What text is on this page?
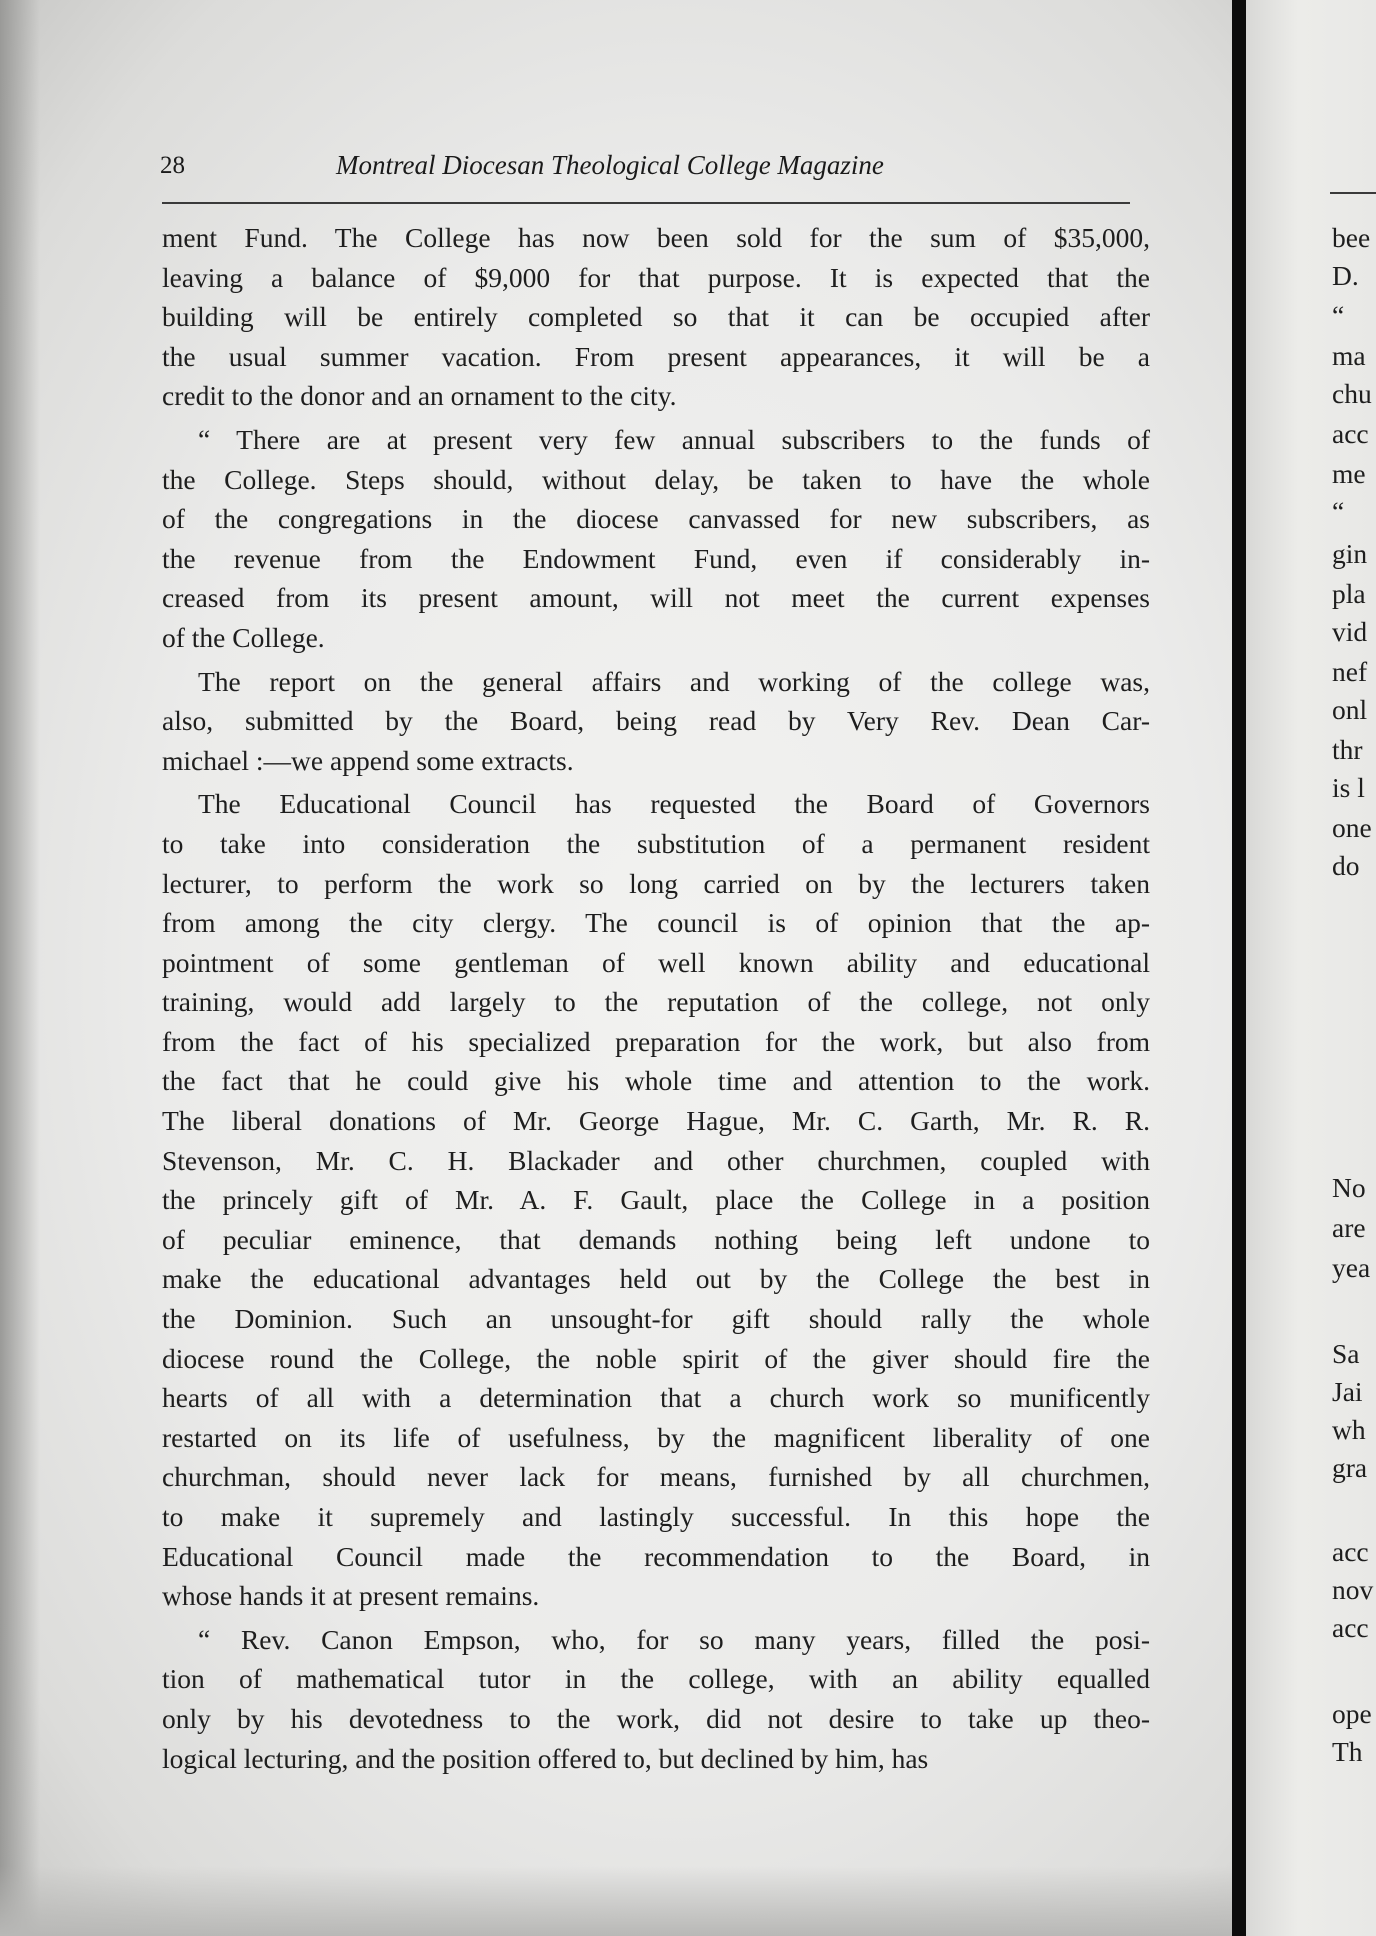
28	Montreal Diocesan Theological College Magazine
ment Fund. The College has now been sold for the sum of $35,000,
leaving a balance of $9,000 for that purpose. It is expected that the
building will be entirely completed so that it can be occupied after
the usual summer vacation. From present appearances, it will be a
credit to the donor and an ornament to the city.
“ There are at present very few annual subscribers to the funds of
the College. Steps should, without delay, be taken to have the whole
of the congregations in the diocese canvassed for new subscribers, as
the revenue from the Endowment Fund, even if considerably in-
creased from its present amount, will not meet the current expenses
of the College.
The report on the general affairs and working of the college was,
also, submitted by the Board, being read by Very Rev. Dean Car-
michael :—we append some extracts.
The Educational Council has requested the Board of Governors
to take into consideration the substitution of a permanent resident
lecturer, to perform the work so long carried on by the lecturers taken
from among the city clergy. The council is of opinion that the ap-
pointment of some gentleman of well known ability and educational
training, would add largely to the reputation of the college, not only
from the fact of his specialized preparation for the work, but also from
the fact that he could give his whole time and attention to the work.
The liberal donations of Mr. George Hague, Mr. C. Garth, Mr. R. R.
Stevenson, Mr. C. H. Blackader and other churchmen, coupled with
the princely gift of Mr. A. F. Gault, place the College in a position
of peculiar eminence, that demands nothing being left undone to
make the educational advantages held out by the College the best in
the Dominion. Such an unsought-for gift should rally the whole
diocese round the College, the noble spirit of the giver should fire the
hearts of all with a determination that a church work so munificently
restarted on its life of usefulness, by the magnificent liberality of one
churchman, should never lack for means, furnished by all churchmen,
to make it supremely and lastingly successful. In this hope the
Educational Council made the recommendation to the Board, in
whose hands it at present remains.
“ Rev. Canon Empson, who, for so many years, filled the posi-
tion of mathematical tutor in the college, with an ability equalled
only by his devotedness to the work, did not desire to take up theo-
logical lecturing, and the position offered to, but declined by him, has
bee
D.
“
ma
chu
acc
me
“
gin
pla
vid
nef
onl
thr
is l
one
do
No
are
yea
Sa
Jai
wh
gra
acc
nov
acc
ope
Th
